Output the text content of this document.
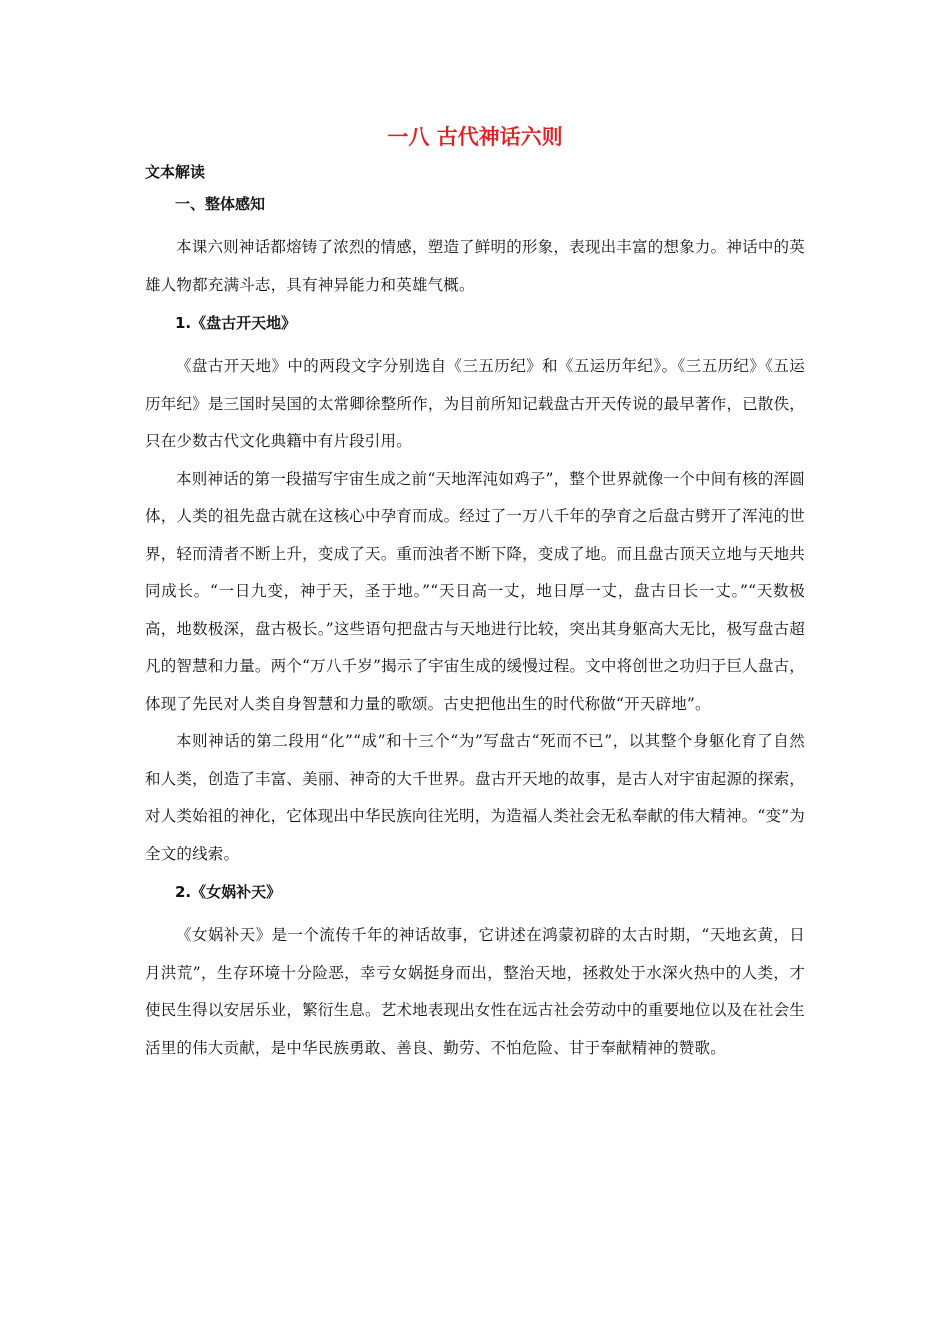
一八 古代神话六则
文本解读
一、整体感知

本课六则神话都熔铸了浓烈的情感，塑造了鲜明的形象，表现出丰富的想象力。神话中的英雄人物都充满斗志，具有神异能力和英雄气概。

1.《盘古开天地》

《盘古开天地》中的两段文字分别选自《三五历纪》和《五运历年纪》。《三五历纪》《五运历年纪》是三国时吴国的太常卿徐整所作，为目前所知记载盘古开天传说的最早著作，已散佚，只在少数古代文化典籍中有片段引用。

本则神话的第一段描写宇宙生成之前“天地浑沌如鸡子”，整个世界就像一个中间有核的浑圆体，人类的祖先盘古就在这核心中孕育而成。经过了一万八千年的孕育之后盘古劈开了浑沌的世界，轻而清者不断上升，变成了天。重而浊者不断下降，变成了地。而且盘古顶天立地与天地共同成长。“一日九变，神于天，圣于地。”“天日高一丈，地日厚一丈，盘古日长一丈。”“天数极高，地数极深，盘古极长。”这些语句把盘古与天地进行比较，突出其身躯高大无比，极写盘古超凡的智慧和力量。两个“万八千岁”揭示了宇宙生成的缓慢过程。文中将创世之功归于巨人盘古，体现了先民对人类自身智慧和力量的歌颂。古史把他出生的时代称做“开天辟地”。

本则神话的第二段用“化”“成”和十三个“为”写盘古“死而不已”，以其整个身躯化育了自然和人类，创造了丰富、美丽、神奇的大千世界。盘古开天地的故事，是古人对宇宙起源的探索，对人类始祖的神化，它体现出中华民族向往光明，为造福人类社会无私奉献的伟大精神。“变”为全文的线索。

2.《女娲补天》

《女娲补天》是一个流传千年的神话故事，它讲述在鸿蒙初辟的太古时期，“天地玄黄，日月洪荒”，生存环境十分险恶，幸亏女娲挺身而出，整治天地，拯救处于水深火热中的人类，才使民生得以安居乐业，繁衍生息。艺术地表现出女性在远古社会劳动中的重要地位以及在社会生活里的伟大贡献，是中华民族勇敢、善良、勤劳、不怕危险、甘于奉献精神的赞歌。
